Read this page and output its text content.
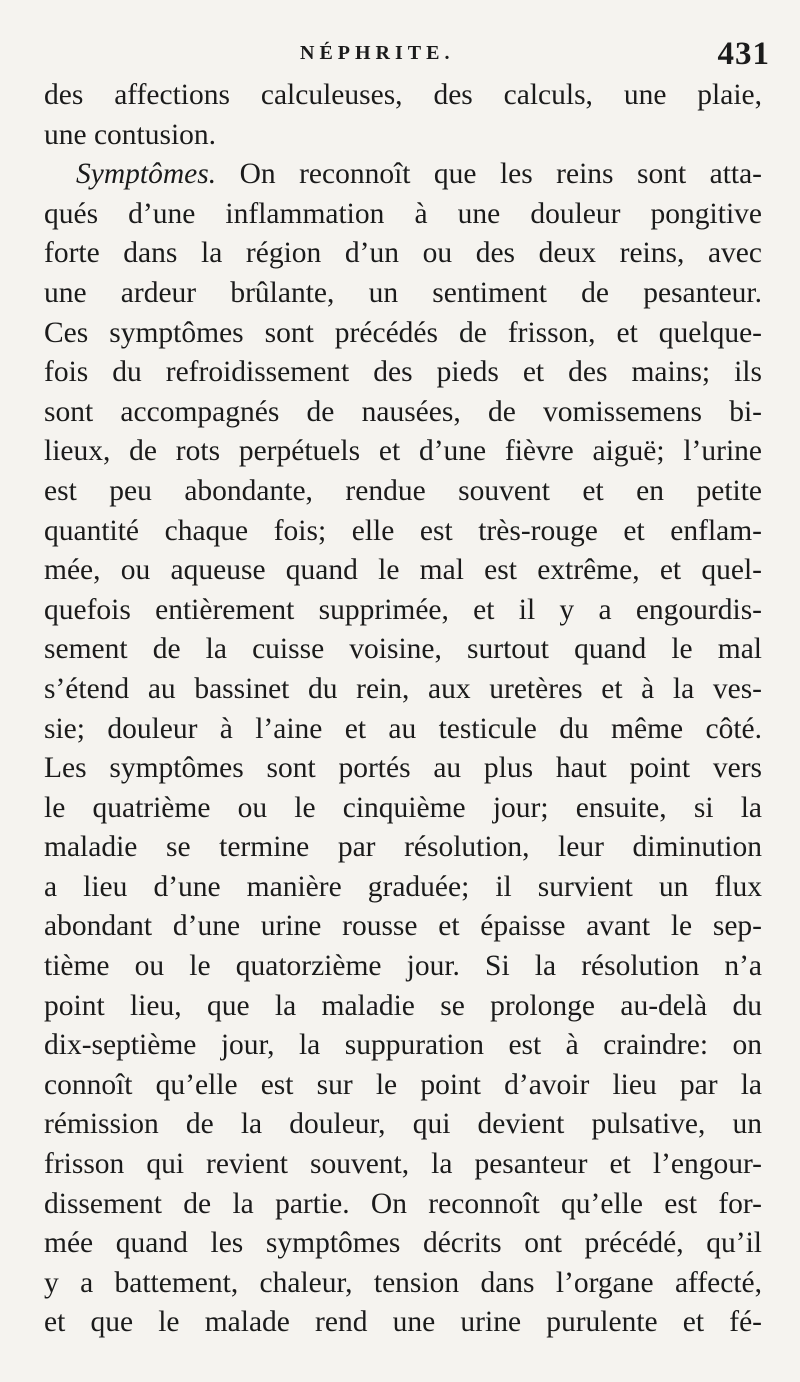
NÉPHRITE.	431
des affections calculeuses, des calculs, une plaie,
une contusion.
Symptômes. On reconnoît que les reins sont atta-
qués d’une inflammation à une douleur pongitive
forte dans la région d’un ou des deux reins, avec
une ardeur brûlante, un sentiment de pesanteur.
Ces symptômes sont précédés de frisson, et quelque-
fois du refroidissement des pieds et des mains; ils
sont accompagnés de nausées, de vomissemens bi-
lieux, de rots perpétuels et d’une fièvre aiguë; l’urine
est peu abondante, rendue souvent et en petite
quantité chaque fois; elle est très-rouge et enflam-
mée, ou aqueuse quand le mal est extrême, et quel-
quefois entièrement supprimée, et il y a engourdis-
sement de la cuisse voisine, surtout quand le mal
s’étend au bassinet du rein, aux uretères et à la ves-
sie; douleur à l’aine et au testicule du même côté.
Les symptômes sont portés au plus haut point vers
le quatrième ou le cinquième jour; ensuite, si la
maladie se termine par résolution, leur diminution
a lieu d’une manière graduée; il survient un flux
abondant d’une urine rousse et épaisse avant le sep-
tième ou le quatorzième jour. Si la résolution n’a
point lieu, que la maladie se prolonge au-delà du
dix-septième jour, la suppuration est à craindre: on
connoît qu’elle est sur le point d’avoir lieu par la
rémission de la douleur, qui devient pulsative, un
frisson qui revient souvent, la pesanteur et l’engour-
dissement de la partie. On reconnoît qu’elle est for-
mée quand les symptômes décrits ont précédé, qu’il
y a battement, chaleur, tension dans l’organe affecté,
et que le malade rend une urine purulente et fé-
